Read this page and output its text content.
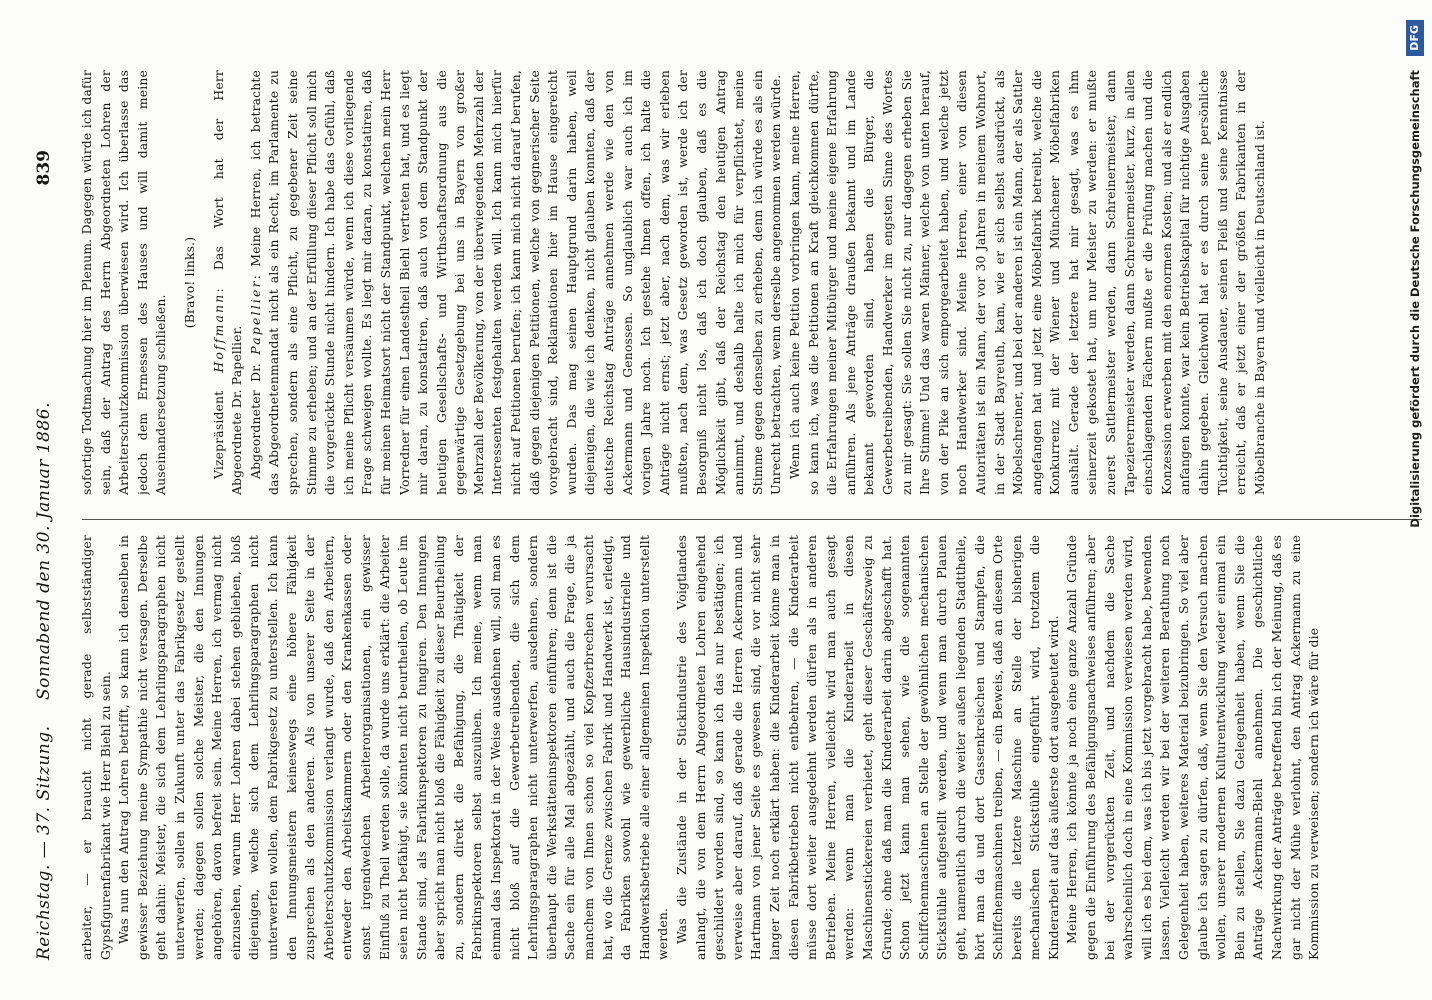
Reichstag. — 37. Sitzung.
Sonnabend den 30. Januar 1886.
839

arbeiter, — er braucht nicht gerade selbstständiger Gypsfigurenfabrikant wie Herr Biehl zu sein. Was nun den Antrag Lohren betrifft, so kann ich denselben in gewisser Beziehung meine Sympathie nicht versagen. Derselbe geht dahin: Meister, die sich dem Lehrlingsparagraphen nicht unterwerfen, sollen in Zukunft unter das Fabrikgesetz gestellt werden; dagegen sollen solche Meister, die den Innungen angehören, davon befreit sein. Meine Herren, ich vermag nicht einzusehen, warum Herr Lohren dabei stehen geblieben, bloß diejenigen, welche sich dem Lehrlingsparagraphen nicht unterwerfen wollen, dem Fabrikgesetz zu unterstellen. Ich kann den Innungsmeistern keineswegs eine höhere Fähigkeit zusprechen als den anderen. Als von unserer Seite in der Arbeiterschutzkommission verlangt wurde, daß den Arbeitern, entweder den Arbeitskammern oder den Krankenkassen oder sonst irgendwelchen Arbeiterorganisationen, ein gewisser Einfluß zu Theil werden solle, da wurde uns erklärt: die Arbeiter seien nicht befähigt, sie könnten nicht beurtheilen, ob Leute im Stande sind, als Fabrikinspektoren zu fungiren. Den Innungen aber spricht man nicht bloß die Fähigkeit zu dieser Beurtheilung zu, sondern direkt die Befähigung, die Thätigkeit der Fabrikinspektoren selbst auszuüben. Ich meine, wenn man einmal das Inspektorat in der Weise ausdehnen will, soll man es nicht bloß auf die Gewerbetreibenden, die sich dem Lehrlingsparagraphen nicht unterwerfen, ausdehnen, sondern überhaupt die Werkstätteninspektoren einführen; denn ist die Sache ein für alle Mal abgezählt, und auch die Frage, die ja manchem von Ihnen schon so viel Kopfzerbrechen verursacht hat, wo die Grenze zwischen Fabrik und Handwerk ist, erledigt, da Fabriken sowohl wie gewerbliche Hausindustrielle und Handwerksbetriebe alle einer allgemeinen Inspektion unterstellt werden. Was die Zustände in der Stickindustrie des Voigtlandes anlangt, die von dem Herrn Abgeordneten Lohren eingehend geschildert worden sind, so kann ich das nur bestätigen; ich verweise aber darauf, daß gerade die Herren Ackermann und Hartmann von jener Seite es gewesen sind, die vor nicht sehr langer Zeit noch erklärt haben: die Kinderarbeit könne man in diesen Fabrikbetrieben nicht entbehren, — die Kinderarbeit müsse dort weiter ausgedehnt werden dürfen als in anderen Betrieben. Meine Herren, vielleicht wird man auch gesagt werden: wenn man die Kinderarbeit in diesen Maschinenstickereien verbietet, geht dieser Geschäftszweig zu Grunde; ohne daß man die Kinderarbeit darin abgeschafft hat. Schon jetzt kann man sehen, wie die sogenannten Schiffchenmaschinen an Stelle der gewöhnlichen mechanischen Stickstühle aufgestellt werden, und wenn man durch Plauen geht, namentlich durch die weiter außen liegenden Stadttheile, hört man da und dort Gassenkreischen und Stampfen, die Schiffchenmaschinen treiben, — ein Beweis, daß an diesem Orte bereits die letztere Maschine an Stelle der bisherigen mechanischen Stickstühle eingeführt wird, trotzdem die Kinderarbeit auf das äußerste dort ausgebeutet wird. Meine Herren, ich könnte ja noch eine ganze Anzahl Gründe gegen die Einführung des Befähigungsnachweises anführen; aber bei der vorgerückten Zeit, und nachdem die Sache wahrscheinlich doch in eine Kommission verwiesen werden wird, will ich es bei dem, was ich bis jetzt vorgebracht habe, bewenden lassen. Vielleicht werden wir bei der weiteren Berathung noch Gelegenheit haben, weiteres Material beizubringen. So viel aber glaube ich sagen zu dürfen, daß, wenn Sie den Versuch machen wollen, unserer modernen Kulturentwicklung wieder einmal ein Bein zu stellen, Sie dazu Gelegenheit haben, wenn Sie die Anträge Ackermann-Biehl annehmen. Die geschichtliche Nachwirkung der Anträge betreffend bin ich der Meinung, daß es gar nicht der Mühe verlohnt, den Antrag Ackermann zu eine Kommission zu verweisen; sondern ich wäre für die

sofortige Todtmachung hier im Plenum. Dagegen würde ich dafür sein, daß der Antrag des Herrn Abgeordneten Lohren der Arbeiterschutzkommission überwiesen wird. Ich überlasse das jedoch dem Ermessen des Hauses und will damit meine Auseinandersetzung schließen.

(Bravo! links.)

Vizepräsident Hoffmann: Das Wort hat der Herr Abgeordnete Dr. Papellier. Abgeordneter Dr. Papellier: Meine Herren, ich betrachte das Abgeordnetenmandat nicht als ein Recht, im Parlamente zu sprechen, sondern als eine Pflicht, zu gegebener Zeit seine Stimme zu erheben; und an der Erfüllung dieser Pflicht soll mich die vorgerückte Stunde nicht hindern. Ich habe das Gefühl, daß ich meine Pflicht versäumen würde, wenn ich diese vorliegende Frage schweigen wollte. Es liegt mir daran, zu konstatiren, daß für meinen Heimatsort nicht der Standpunkt, welchen mein Herr Vorredner für einen Landestheil Biehl vertreten hat, und es liegt mir daran, zu konstatiren, daß auch von dem Standpunkt der heutigen Gesellschafts- und Wirthschaftsordnung aus die gegenwärtige Gesetzgebung bei uns in Bayern von großer Mehrzahl der Bevölkerung, von der überwiegenden Mehrzahl der Interessenten festgehalten werden will. Ich kann mich hierfür nicht auf Petitionen berufen; ich kann mich nicht darauf berufen, daß gegen diejenigen Petitionen, welche von gegnerischer Seite vorgebracht sind, Reklamationen hier im Hause eingereicht wurden. Das mag seinen Hauptgrund darin haben, weil diejenigen, die wie ich denken, nicht glauben konnten, daß der deutsche Reichstag Anträge annehmen werde wie den von Ackermann und Genossen. So unglaublich war auch ich im vorigen Jahre noch. Ich gestehe Ihnen offen, ich halte die Anträge nicht ernst; jetzt aber, nach dem, was wir erleben mußten, nach dem, was Gesetz geworden ist, werde ich der Besorgniß nicht los, daß ich doch glauben, daß es die Möglichkeit gibt, daß der Reichstag den heutigen Antrag annimmt, und deshalb halte ich mich für verpflichtet, meine Stimme gegen denselben zu erheben, denn ich würde es als ein Unrecht betrachten, wenn derselbe angenommen werden würde. Wenn ich auch keine Petition vorbringen kann, meine Herren, so kann ich, was die Petitionen an Kraft gleichkommen dürfte, die Erfahrungen meiner Mitbürger und meine eigene Erfahrung anführen. Als jene Anträge draußen bekannt und im Lande bekannt geworden sind, haben die Bürger, die Gewerbetreibenden, Handwerker im engsten Sinne des Wortes zu mir gesagt: Sie sollen Sie nicht zu, nur dagegen erheben Sie Ihre Stimme! Und das waren Männer, welche von unten herauf, von der Pike an sich emporgearbeitet haben, und welche jetzt noch Handwerker sind. Meine Herren, einer von diesen Autoritäten ist ein Mann, der vor 30 Jahren in meinem Wohnort, in der Stadt Bayreuth, kam, wie er sich selbst ausdrückt, als Möbelschreiner, und bei der anderen ist ein Mann, der als Sattler angefangen hat und jetzt eine Möbelfabrik betreibt, welche die Konkurrenz mit der Wiener und Münchener Möbelfabriken aushält. Gerade der letztere hat mir gesagt, was es ihm seinerzeit gekostet hat, um nur Meister zu werden: er mußte zuerst Sattlermeister werden, dann Schreinermeister, dann Tapezierermeister werden, dann Schreinermeister, kurz, in allen einschlagenden Fächern mußte er die Prüfung machen und die Konzession erwerben mit den enormen Kosten; und als er endlich anfangen konnte, war kein Betriebskapital für nichtige Ausgaben dahin gegeben. Gleichwohl hat er es durch seine persönliche Tüchtigkeit, seine Ausdauer, seinen Fleiß und seine Kenntnisse erreicht, daß er jetzt einer der größten Fabrikanten in der Möbelbranche in Bayern und vielleicht in Deutschland ist.	Digitalisierung gefördert durch die Deutsche Forschungsgemeinschaft
DFG
